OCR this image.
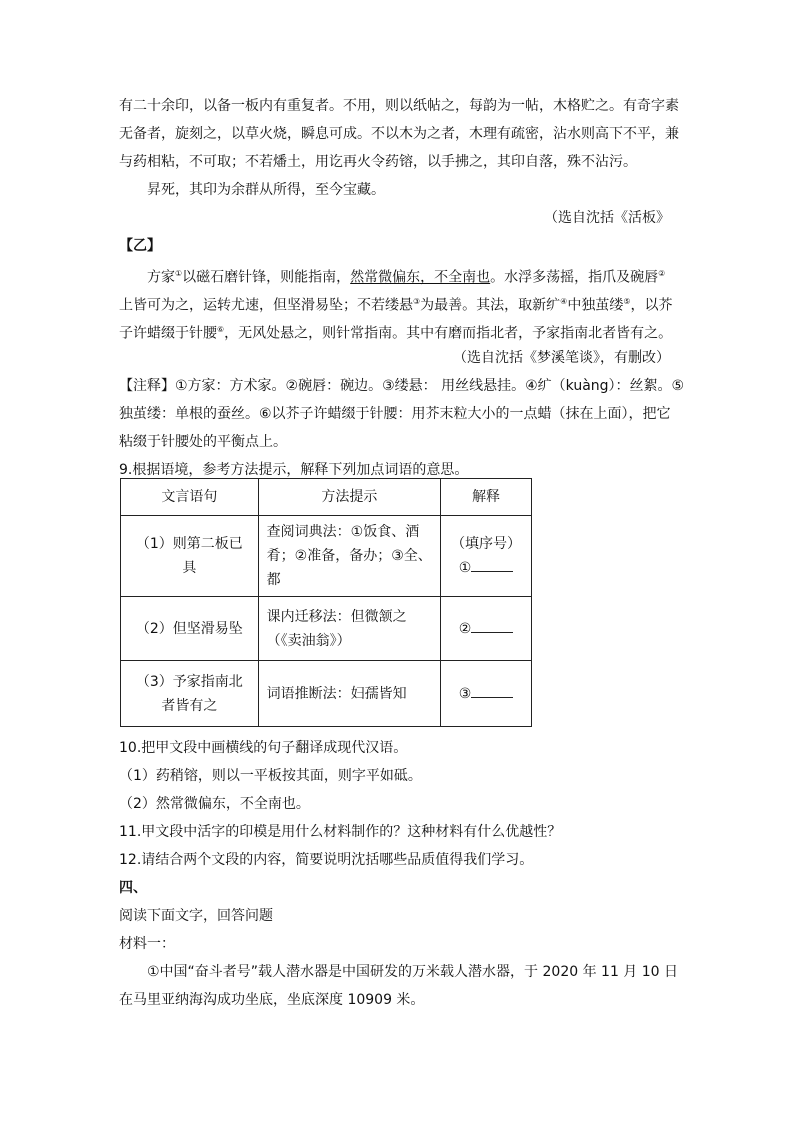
有二十余印，以备一板内有重复者。不用，则以纸帖之，每韵为一帖，木格贮之。有奇字素
无备者，旋刻之，以草火烧，瞬息可成。不以木为之者，木理有疏密，沾水则高下不平，兼
与药相粘，不可取；不若燔土，用讫再火令药镕，以手拂之，其印自落，殊不沾污。
昇死，其印为余群从所得，至今宝藏。
（选自沈括《活板》
【乙】
方家①以磁石磨针锋，则能指南，然常微偏东，不全南也。水浮多荡摇，指爪及碗唇②
上皆可为之，运转尤速，但坚滑易坠；不若缕悬③为最善。其法，取新纩④中独茧缕⑤，以芥
子许蜡缀于针腰⑥，无风处悬之，则针常指南。其中有磨而指北者，予家指南北者皆有之。
（选自沈括《梦溪笔谈》，有删改）
【注释】①方家：方术家。②碗唇：碗边。③缕悬： 用丝线悬挂。④纩（kuàng）：丝絮。⑤
独茧缕：单根的蚕丝。⑥以芥子许蜡缀于针腰：用芥末粒大小的一点蜡（抹在上面），把它
粘缀于针腰处的平衡点上。
9.根据语境，参考方法提示，解释下列加点词语的意思。
文言语句	方法提示	解释
（1）则第二板已具	查阅词典法：①饭食、酒肴；②准备，备办；③全、都	（填序号）
①

（2）但坚滑易坠	课内迁移法：但微颔之（《卖油翁》）	②

（3）予家指南北者皆有之	词语推断法：妇孺皆知	③
10.把甲文段中画横线的句子翻译成现代汉语。
（1）药稍镕，则以一平板按其面，则字平如砥。
（2）然常微偏东，不全南也。
11.甲文段中活字的印模是用什么材料制作的？这种材料有什么优越性？
12.请结合两个文段的内容，简要说明沈括哪些品质值得我们学习。
四、
阅读下面文字，回答问题
材料一：
①中国“奋斗者号”载人潜水器是中国研发的万米载人潜水器，于 2020 年 11 月 10 日
在马里亚纳海沟成功坐底，坐底深度 10909 米。
